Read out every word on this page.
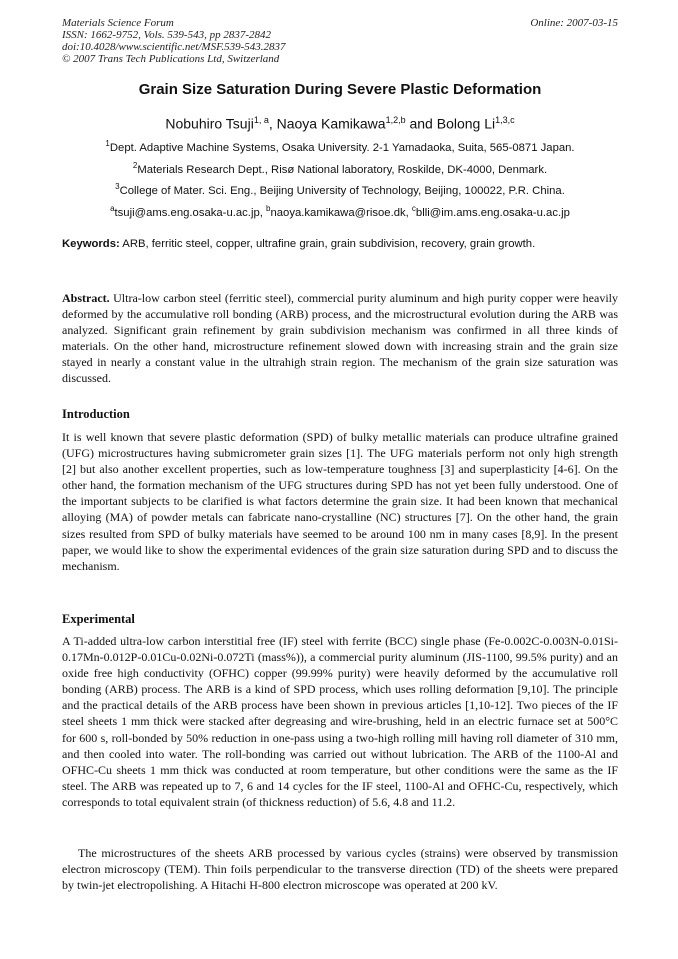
Materials Science Forum
ISSN: 1662-9752, Vols. 539-543, pp 2837-2842
doi:10.4028/www.scientific.net/MSF.539-543.2837
© 2007 Trans Tech Publications Ltd, Switzerland
Online: 2007-03-15
Grain Size Saturation During Severe Plastic Deformation
Nobuhiro Tsuji$^{1, a}$, Naoya Kamikawa$^{1,2,b}$ and Bolong Li$^{1,3,c}$
$^1$Dept. Adaptive Machine Systems, Osaka University. 2-1 Yamadaoka, Suita, 565-0871 Japan.
$^2$Materials Research Dept., Risø National laboratory, Roskilde, DK-4000, Denmark.
$^3$College of Mater. Sci. Eng., Beijing University of Technology, Beijing, 100022, P.R. China.
$^a$tsuji@ams.eng.osaka-u.ac.jp, $^b$naoya.kamikawa@risoe.dk, $^c$blli@im.ams.eng.osaka-u.ac.jp
Keywords: ARB, ferritic steel, copper, ultrafine grain, grain subdivision, recovery, grain growth.
Abstract. Ultra-low carbon steel (ferritic steel), commercial purity aluminum and high purity copper were heavily deformed by the accumulative roll bonding (ARB) process, and the microstructural evolution during the ARB was analyzed. Significant grain refinement by grain subdivision mechanism was confirmed in all three kinds of materials. On the other hand, microstructure refinement slowed down with increasing strain and the grain size stayed in nearly a constant value in the ultrahigh strain region. The mechanism of the grain size saturation was discussed.
Introduction
It is well known that severe plastic deformation (SPD) of bulky metallic materials can produce ultrafine grained (UFG) microstructures having submicrometer grain sizes [1]. The UFG materials perform not only high strength [2] but also another excellent properties, such as low-temperature toughness [3] and superplasticity [4-6]. On the other hand, the formation mechanism of the UFG structures during SPD has not yet been fully understood. One of the important subjects to be clarified is what factors determine the grain size. It had been known that mechanical alloying (MA) of powder metals can fabricate nano-crystalline (NC) structures [7]. On the other hand, the grain sizes resulted from SPD of bulky materials have seemed to be around 100 nm in many cases [8,9]. In the present paper, we would like to show the experimental evidences of the grain size saturation during SPD and to discuss the mechanism.
Experimental
A Ti-added ultra-low carbon interstitial free (IF) steel with ferrite (BCC) single phase (Fe-0.002C-0.003N-0.01Si-0.17Mn-0.012P-0.01Cu-0.02Ni-0.072Ti (mass%)), a commercial purity aluminum (JIS-1100, 99.5% purity) and an oxide free high conductivity (OFHC) copper (99.99% purity) were heavily deformed by the accumulative roll bonding (ARB) process. The ARB is a kind of SPD process, which uses rolling deformation [9,10]. The principle and the practical details of the ARB process have been shown in previous articles [1,10-12]. Two pieces of the IF steel sheets 1 mm thick were stacked after degreasing and wire-brushing, held in an electric furnace set at 500°C for 600 s, roll-bonded by 50% reduction in one-pass using a two-high rolling mill having roll diameter of 310 mm, and then cooled into water. The roll-bonding was carried out without lubrication. The ARB of the 1100-Al and OFHC-Cu sheets 1 mm thick was conducted at room temperature, but other conditions were the same as the IF steel. The ARB was repeated up to 7, 6 and 14 cycles for the IF steel, 1100-Al and OFHC-Cu, respectively, which corresponds to total equivalent strain (of thickness reduction) of 5.6, 4.8 and 11.2.
The microstructures of the sheets ARB processed by various cycles (strains) were observed by transmission electron microscopy (TEM). Thin foils perpendicular to the transverse direction (TD) of the sheets were prepared by twin-jet electropolishing. A Hitachi H-800 electron microscope was operated at 200 kV.
